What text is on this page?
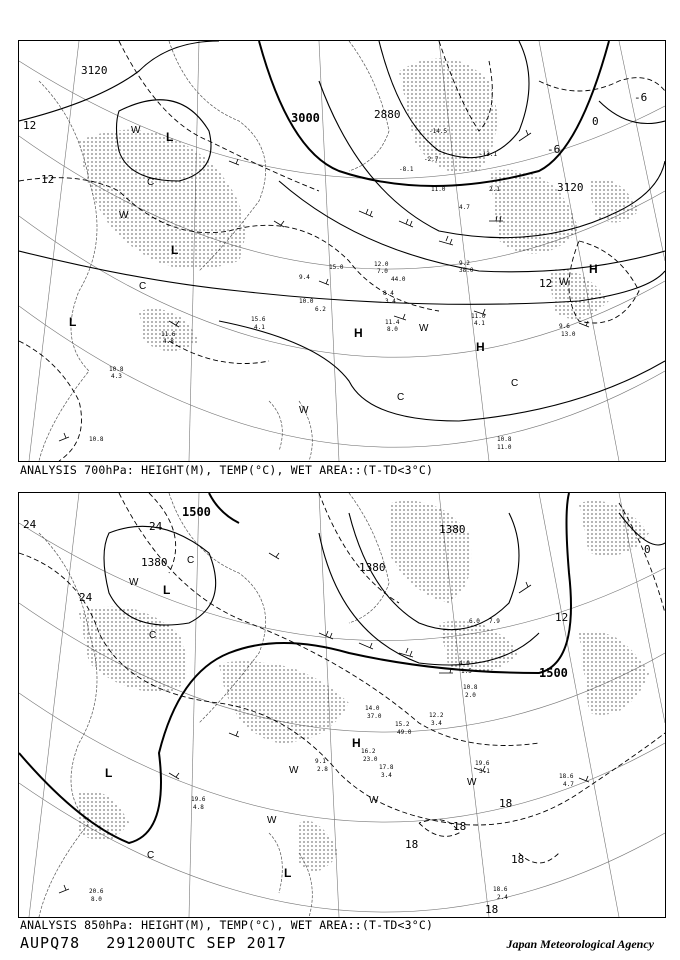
3120
3000	2880
3120
12
12
-6
0
-6
12
L
L
L
H
H
H
W
W
W
W
W
C
C
C
C
11.0
4.1
11.4
8.0
10.8
11.0
9.6
13.0
9.2
38.0
11.6
4.8
10.8
4.3
10.8
8.4
3.4
12.0
7.0
44.0
15.0
9.4
10.0
6.2
15.6
4.1
-8.1
-2.7
-13.1
2.1
-14.5
4.7
11.0
ANALYSIS 700hPa: HEIGHT(M), TEMP(°C), WET AREA::(T-TD<3°C)
1500
1380	1380
1500
1380
24
24
0
12
18
18
18
18
18
24
L
L
L
H
W
W
W
W
W
C
C
C
19.6
3.1
16.2
23.0
12.2
3.4
15.2
49.0
14.0
37.0
20.6
8.0
19.6
4.8
18.6
2.4
18.6
4.7
17.8
3.4
9.1
2.8
6.0 7.9
4.0
1.5
10.8
2.0
ANALYSIS 850hPa: HEIGHT(M), TEMP(°C), WET AREA::(T-TD<3°C)
AUPQ78 291200UTC SEP 2017	Japan Meteorological Agency
